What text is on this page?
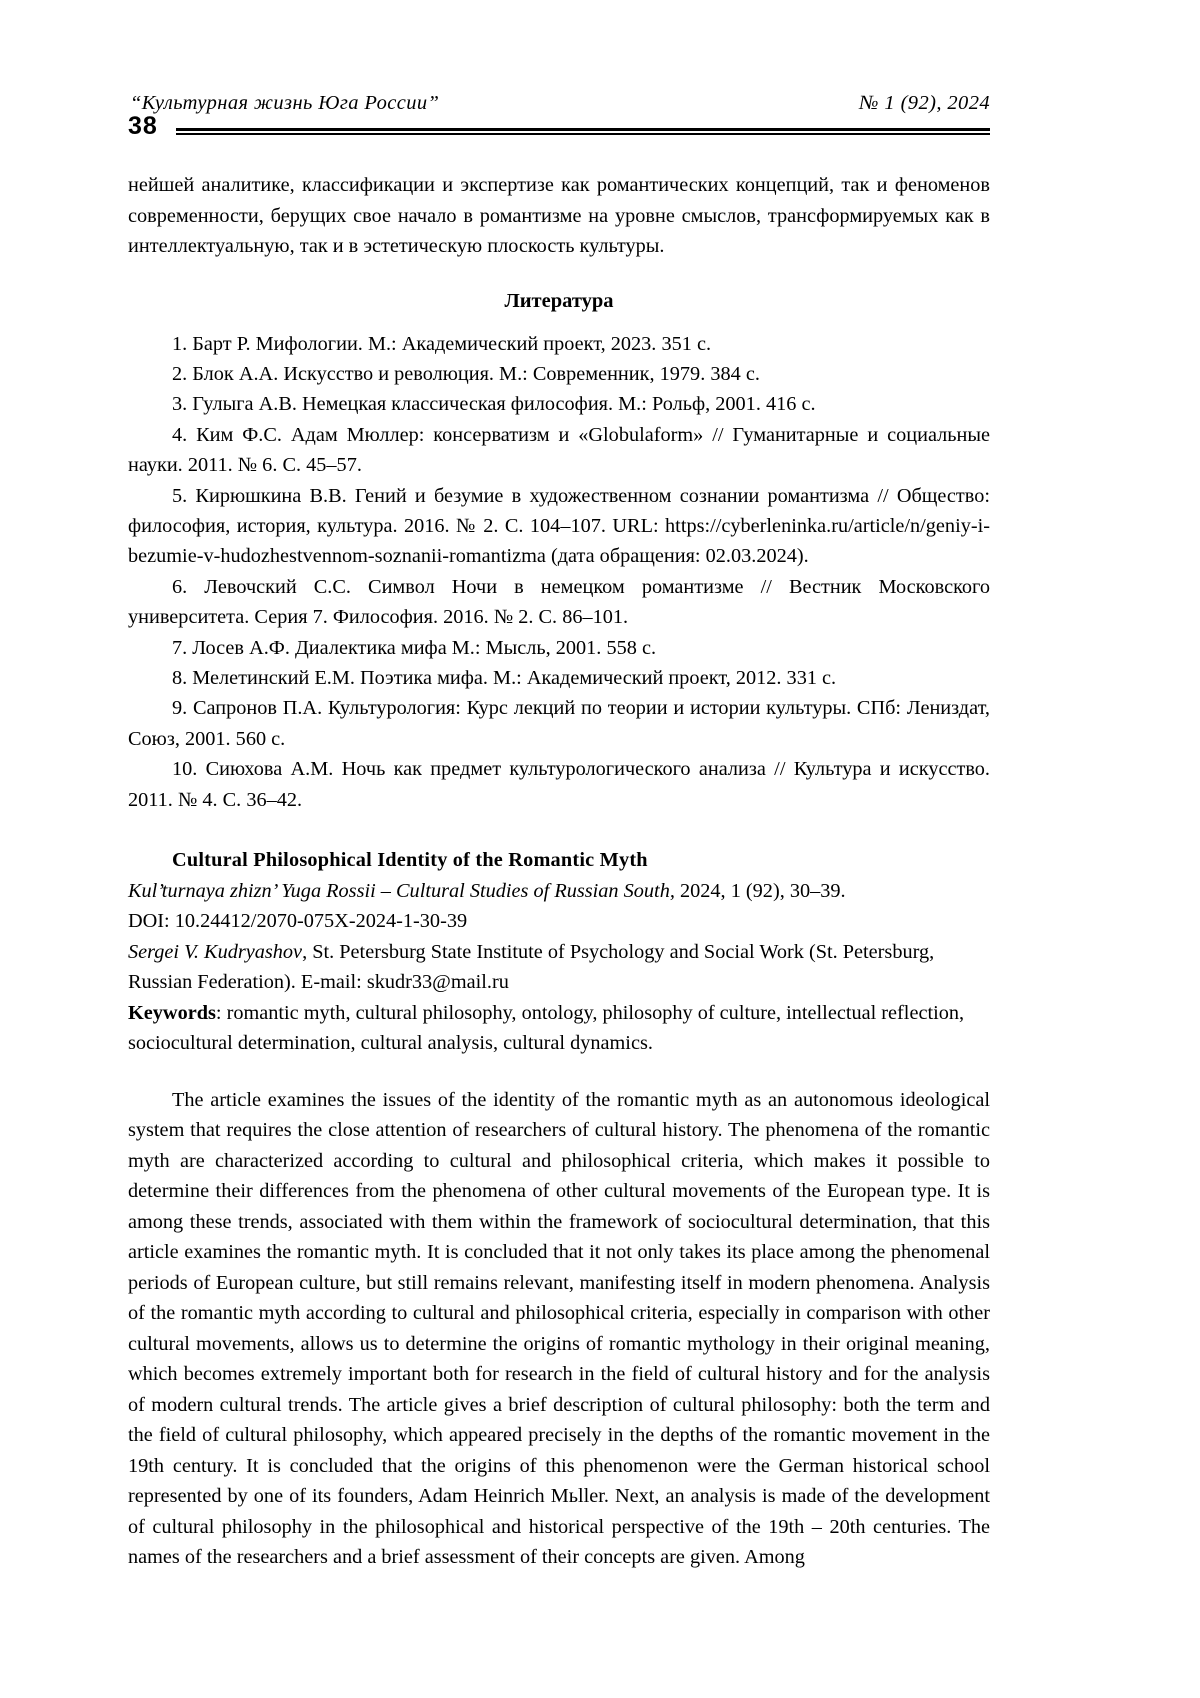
38
“Культурная жизнь Юга России”	№ 1 (92), 2024

нейшей аналитике, классификации и экспертизе как романтических концепций, так и феноменов современности, берущих свое начало в романтизме на уровне смыслов, трансформируемых как в интеллектуальную, так и в эстетическую плоскость культуры.

Литература
1. Барт Р. Мифологии. М.: Академический проект, 2023. 351 с.
2. Блок А.А. Искусство и революция. М.: Современник, 1979. 384 с.
3. Гулыга А.В. Немецкая классическая философия. М.: Рольф, 2001. 416 с.
4. Ким Ф.С. Адам Мюллер: консерватизм и «Globulaform» // Гуманитарные и социальные науки. 2011. № 6. С. 45–57.
5. Кирюшкина В.В. Гений и безумие в художественном сознании романтизма // Общество: философия, история, культура. 2016. № 2. С. 104–107. URL: https://cyberleninka.ru/article/n/geniy-i-bezumie-v-hudozhestvennom-soznanii-romantizma (дата обращения: 02.03.2024).
6. Левочский С.С. Символ Ночи в немецком романтизме // Вестник Московского университета. Серия 7. Философия. 2016. № 2. С. 86–101.
7. Лосев А.Ф. Диалектика мифа М.: Мысль, 2001. 558 с.
8. Мелетинский Е.М. Поэтика мифа. М.: Академический проект, 2012. 331 с.
9. Сапронов П.А. Культурология: Курс лекций по теории и истории культуры. СПб: Лениздат, Союз, 2001. 560 с.
10. Сиюхова А.М. Ночь как предмет культурологического анализа // Культура и искусство. 2011. № 4. С. 36–42.
Cultural Philosophical Identity of the Romantic Myth
Kul’turnaya zhizn’ Yuga Rossii – Cultural Studies of Russian South, 2024, 1 (92), 30–39.
DOI: 10.24412/2070-075X-2024-1-30-39
Sergei V. Kudryashov, St. Petersburg State Institute of Psychology and Social Work (St. Petersburg, Russian Federation). E-mail: skudr33@mail.ru
Keywords: romantic myth, cultural philosophy, ontology, philosophy of culture, intellectual reflection, sociocultural determination, cultural analysis, cultural dynamics.
The article examines the issues of the identity of the romantic myth as an autonomous ideological system that requires the close attention of researchers of cultural history. The phenomena of the romantic myth are characterized according to cultural and philosophical criteria, which makes it possible to determine their differences from the phenomena of other cultural movements of the European type. It is among these trends, associated with them within the framework of sociocultural determination, that this article examines the romantic myth. It is concluded that it not only takes its place among the phenomenal periods of European culture, but still remains relevant, manifesting itself in modern phenomena. Analysis of the romantic myth according to cultural and philosophical criteria, especially in comparison with other cultural movements, allows us to determine the origins of romantic mythology in their original meaning, which becomes extremely important both for research in the field of cultural history and for the analysis of modern cultural trends. The article gives a brief description of cultural philosophy: both the term and the field of cultural philosophy, which appeared precisely in the depths of the romantic movement in the 19th century. It is concluded that the origins of this phenomenon were the German historical school represented by one of its founders, Adam Heinrich Mьller. Next, an analysis is made of the development of cultural philosophy in the philosophical and historical perspective of the 19th – 20th centuries. The names of the researchers and a brief assessment of their concepts are given. Among
